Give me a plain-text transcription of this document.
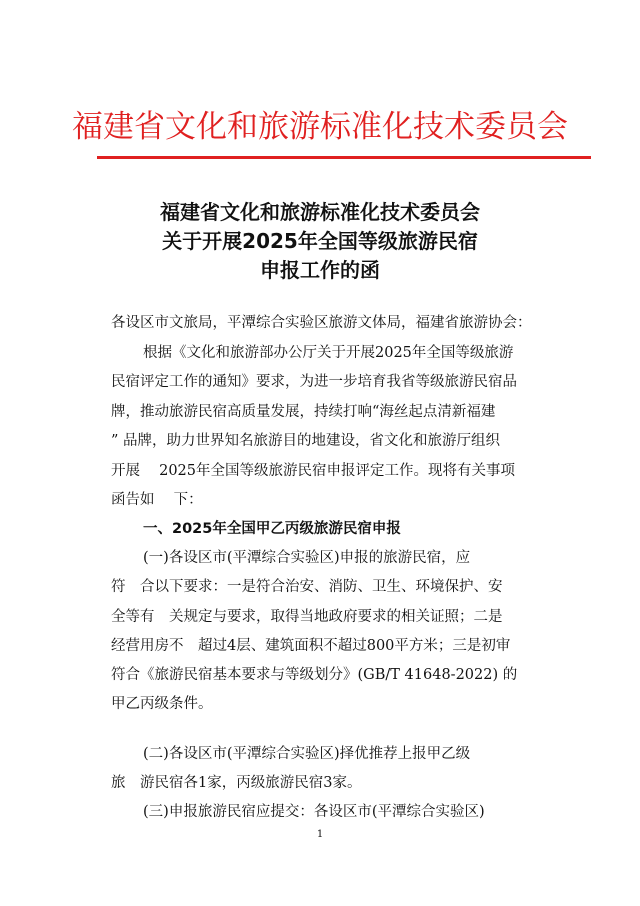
福建省文化和旅游标准化技术委员会
福建省文化和旅游标准化技术委员会
关于开展2025年全国等级旅游民宿
申报工作的函
各设区市文旅局，平潭综合实验区旅游文体局，福建省旅游协会：
根据《文化和旅游部办公厅关于开展2025年全国等级旅游
民宿评定工作的通知》要求，为进一步培育我省等级旅游民宿品
牌，推动旅游民宿高质量发展，持续打响“海丝起点清新福建
” 品牌，助力世界知名旅游目的地建设，省文化和旅游厅组织
开展　 2025年全国等级旅游民宿申报评定工作。现将有关事项
函告如　 下：
一、2025年全国甲乙丙级旅游民宿申报
(一)各设区市(平潭综合实验区)申报的旅游民宿，应
符　合以下要求：一是符合治安、消防、卫生、环境保护、安
全等有　关规定与要求，取得当地政府要求的相关证照；二是
经营用房不　超过4层、建筑面积不超过800平方米；三是初审
符合《旅游民宿基本要求与等级划分》(GB/T 41648-2022) 的
甲乙丙级条件。
(二)各设区市(平潭综合实验区)择优推荐上报甲乙级
旅　游民宿各1家，丙级旅游民宿3家。
(三)申报旅游民宿应提交：各设区市(平潭综合实验区)
1
